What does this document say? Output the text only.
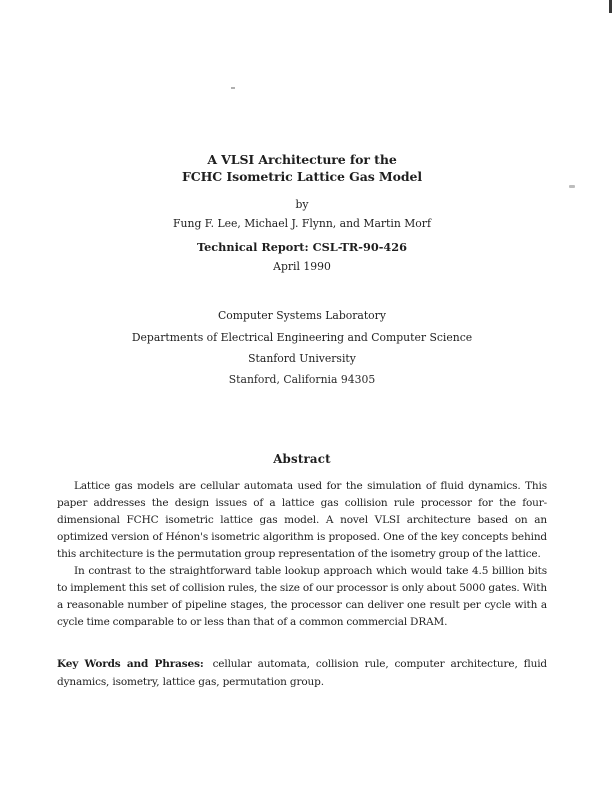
A VLSI Architecture for the
FCHC Isometric Lattice Gas Model
by
Fung F. Lee, Michael J. Flynn, and Martin Morf
Technical Report: CSL-TR-90-426
April 1990
Computer Systems Laboratory
Departments of Electrical Engineering and Computer Science
Stanford University
Stanford, California 94305
Abstract

Lattice gas models are cellular automata used for the simulation of fluid dynamics. This paper addresses the design issues of a lattice gas collision rule processor for the four-dimensional FCHC isometric lattice gas model. A novel VLSI architecture based on an optimized version of Hénon's isometric algorithm is proposed. One of the key concepts behind this architecture is the permutation group representation of the isometry group of the lattice.

In contrast to the straightforward table lookup approach which would take 4.5 billion bits to implement this set of collision rules, the size of our processor is only about 5000 gates. With a reasonable number of pipeline stages, the processor can deliver one result per cycle with a cycle time comparable to or less than that of a common commercial DRAM.

Key Words and Phrases: cellular automata, collision rule, computer architecture, fluid dynamics, isometry, lattice gas, permutation group.
